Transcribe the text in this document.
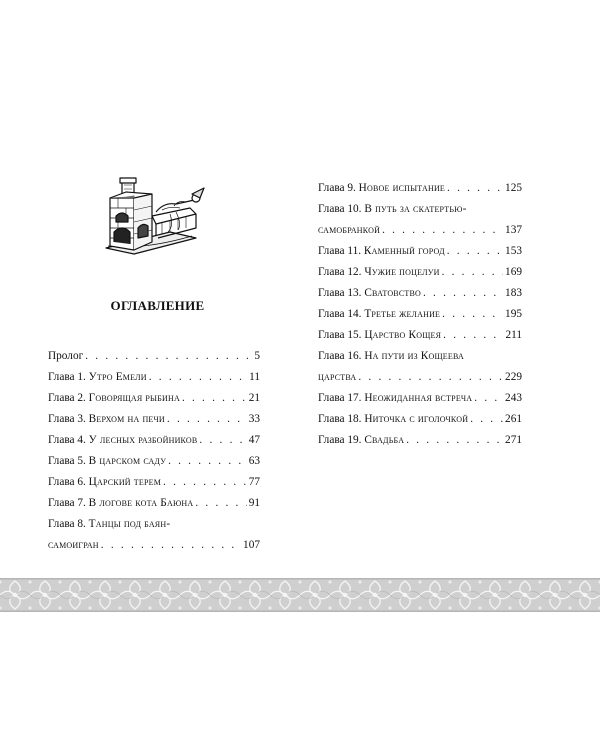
ОГЛАВЛЕНИЕ
Пролог . . .	5
Глава 1. Утро Емели . . .	11
Глава 2. Говорящая рыбина . . .	21
Глава 3. Верхом на печи . . .	33
Глава 4. У лесных разбойников . . .	47
Глава 5. В царском саду . . .	63
Глава 6. Царский терем . . .	77
Глава 7. В логове кота Баюна . . .	91
Глава 8. Танцы под баян-
самоигран . . .	107
Глава 9. Новое испытание . . .	125
Глава 10. В путь за скатертью-
самобранкой . . .	137
Глава 11. Каменный город . . .	153
Глава 12. Чужие поцелуи . . .	169
Глава 13. Сватовство . . .	183
Глава 14. Третье желание . . .	195
Глава 15. Царство Кощея . . .	211
Глава 16. На пути из Кощеева
царства . . .	229
Глава 17. Неожиданная встреча . . .	243
Глава 18. Ниточка с иголочкой . . .	261
Глава 19. Свадьба . . .	271
